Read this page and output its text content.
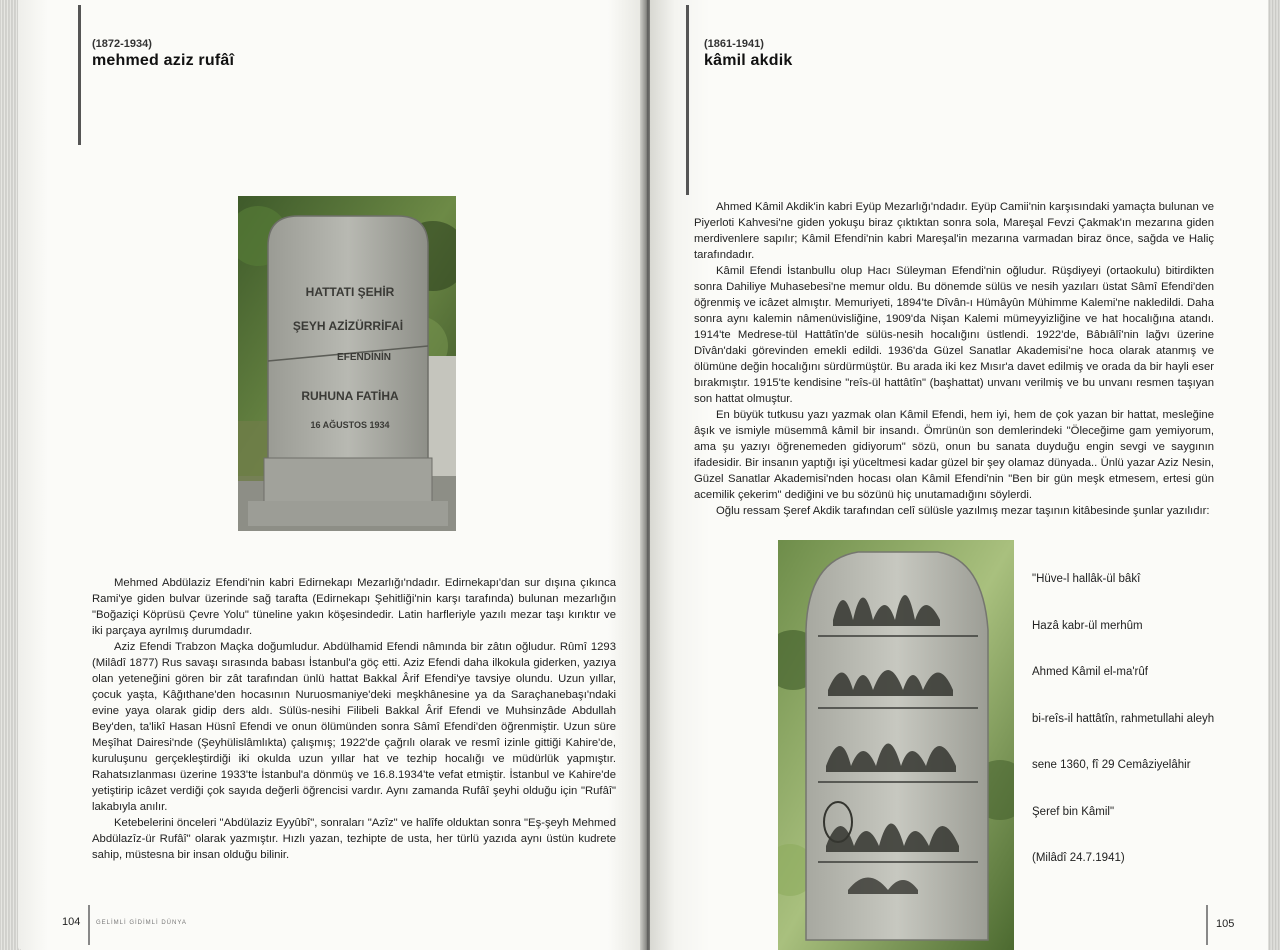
(1872-1934)
mehmed aziz rufâî
HATTATI ŞEHİR
ŞEYH AZİZÜRRİFAİ
EFENDİNİN
RUHUNA FATİHA
16 AĞUSTOS 1934

Mehmed Abdülaziz Efendi'nin kabri Edirnekapı Mezarlığı'ndadır. Edirnekapı'dan sur dışına çıkınca Rami'ye giden bulvar üzerinde sağ tarafta (Edirnekapı Şehitliği'nin karşı tarafında) bulunan mezarlığın "Boğaziçi Köprüsü Çevre Yolu" tüneline yakın köşesindedir. Latin harfleriyle yazılı mezar taşı kırıktır ve iki parçaya ayrılmış durumdadır.

Aziz Efendi Trabzon Maçka doğumludur. Abdülhamid Efendi nâmında bir zâtın oğludur. Rûmî 1293 (Milâdî 1877) Rus savaşı sırasında babası İstanbul'a göç etti. Aziz Efendi daha ilkokula giderken, yazıya olan yeteneğini gören bir zât tarafından ünlü hattat Bakkal Ârif Efendi'ye tavsiye olundu. Uzun yıllar, çocuk yaşta, Kâğıthane'den hocasının Nuruosmaniye'deki meşkhânesine ya da Saraçhanebaşı'ndaki evine yaya olarak gidip ders aldı. Sülüs-nesihi Filibeli Bakkal Ârif Efendi ve Muhsinzâde Abdullah Bey'den, ta'likî Hasan Hüsnî Efendi ve onun ölümünden sonra Sâmî Efendi'den öğrenmiştir. Uzun süre Meşîhat Dairesi'nde (Şeyhülislâmlıkta) çalışmış; 1922'de çağrılı olarak ve resmî izinle gittiği Kahire'de, kuruluşunu gerçekleştirdiği iki okulda uzun yıllar hat ve tezhip hocalığı ve müdürlük yapmıştır. Rahatsızlanması üzerine 1933'te İstanbul'a dönmüş ve 16.8.1934'te vefat etmiştir. İstanbul ve Kahire'de yetiştirip icâzet verdiği çok sayıda değerli öğrencisi vardır. Aynı zamanda Rufâî şeyhi olduğu için "Rufâî" lakabıyla anılır.

Ketebelerini önceleri "Abdülaziz Eyyûbî", sonraları "Azîz" ve halîfe olduktan sonra "Eş-şeyh Mehmed Abdülazîz-ür Rufâî" olarak yazmıştır. Hızlı yazan, tezhipte de usta, her türlü yazıda aynı üstün kudrete sahip, müstesna bir insan olduğu bilinir.

104	GELİMLİ GİDİMLİ DÜNYA
(1861-1941)
kâmil akdik

Ahmed Kâmil Akdik'in kabri Eyüp Mezarlığı'ndadır. Eyüp Camii'nin karşısındaki yamaçta bulunan ve Piyerloti Kahvesi'ne giden yokuşu biraz çıktıktan sonra sola, Mareşal Fevzi Çakmak'ın mezarına giden merdivenlere sapılır; Kâmil Efendi'nin kabri Mareşal'in mezarına varmadan biraz önce, sağda ve Haliç tarafındadır.

Kâmil Efendi İstanbullu olup Hacı Süleyman Efendi'nin oğludur. Rüşdiyeyi (ortaokulu) bitirdikten sonra Dahiliye Muhasebesi'ne memur oldu. Bu dönemde sülüs ve nesih yazıları üstat Sâmî Efendi'den öğrenmiş ve icâzet almıştır. Memuriyeti, 1894'te Dîvân-ı Hümâyûn Mühimme Kalemi'ne nakledildi. Daha sonra aynı kalemin nâmenüvisliğine, 1909'da Nişan Kalemi mümeyyizliğine ve hat hocalığına atandı. 1914'te Medrese-tül Hattâtîn'de sülüs-nesih hocalığını üstlendi. 1922'de, Bâbıâlî'nin lağvı üzerine Dîvân'daki görevinden emekli edildi. 1936'da Güzel Sanatlar Akademisi'ne hoca olarak atanmış ve ölümüne değin hocalığını sürdürmüştür. Bu arada iki kez Mısır'a davet edilmiş ve orada da bir hayli eser bırakmıştır. 1915'te kendisine "reîs-ül hattâtîn" (başhattat) unvanı verilmiş ve bu unvanı resmen taşıyan son hattat olmuştur.

En büyük tutkusu yazı yazmak olan Kâmil Efendi, hem iyi, hem de çok yazan bir hattat, mesleğine âşık ve ismiyle müsemmâ kâmil bir insandı. Ömrünün son demlerindeki "Öleceğime gam yemiyorum, ama şu yazıyı öğrenemeden gidiyorum" sözü, onun bu sanata duyduğu engin sevgi ve saygının ifadesidir. Bir insanın yaptığı işi yüceltmesi kadar güzel bir şey olamaz dünyada.. Ünlü yazar Aziz Nesin, Güzel Sanatlar Akademisi'nden hocası olan Kâmil Efendi'nin "Ben bir gün meşk etmesem, ertesi gün acemilik çekerim" dediğini ve bu sözünü hiç unutamadığını söylerdi.

Oğlu ressam Şeref Akdik tarafından celî sülüsle yazılmış mezar taşının kitâbesinde şunlar yazılıdır:

"Hüve-l hallâk-ül bâkî

Hazâ kabr-ül merhûm

Ahmed Kâmil el-ma'rûf

bi-reîs-il hattâtîn, rahmetullahi aleyh

sene 1360, fî 29 Cemâziyelâhir

Şeref bin Kâmil"

(Milâdî 24.7.1941)

105
